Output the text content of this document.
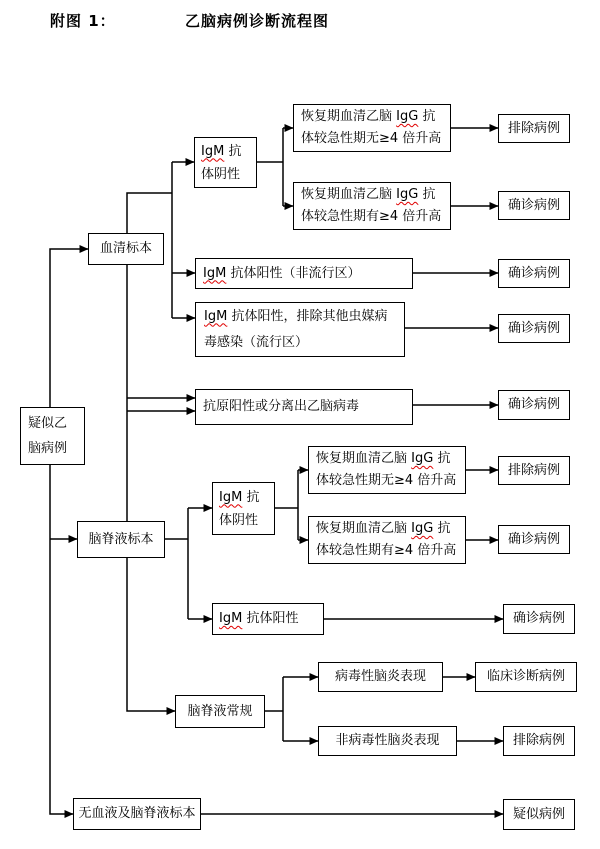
附图 1：	乙脑病例诊断流程图
疑似乙脑病例
血清标本
脑脊液标本
无血液及脑脊液标本
IgM 抗体阴性
恢复期血清乙脑 IgG 抗体较急性期无≥4 倍升高
排除病例
恢复期血清乙脑 IgG 抗体较急性期有≥4 倍升高
确诊病例
IgM 抗体阳性（非流行区）	确诊病例
IgM 抗体阳性，排除其他虫媒病毒感染（流行区）
确诊病例
抗原阳性或分离出乙脑病毒	确诊病例
IgM 抗体阴性
恢复期血清乙脑 IgG 抗体较急性期无≥4 倍升高
排除病例
恢复期血清乙脑 IgG 抗体较急性期有≥4 倍升高
确诊病例
IgM 抗体阳性	确诊病例
脑脊液常规
病毒性脑炎表现	临床诊断病例
非病毒性脑炎表现	排除病例
疑似病例
